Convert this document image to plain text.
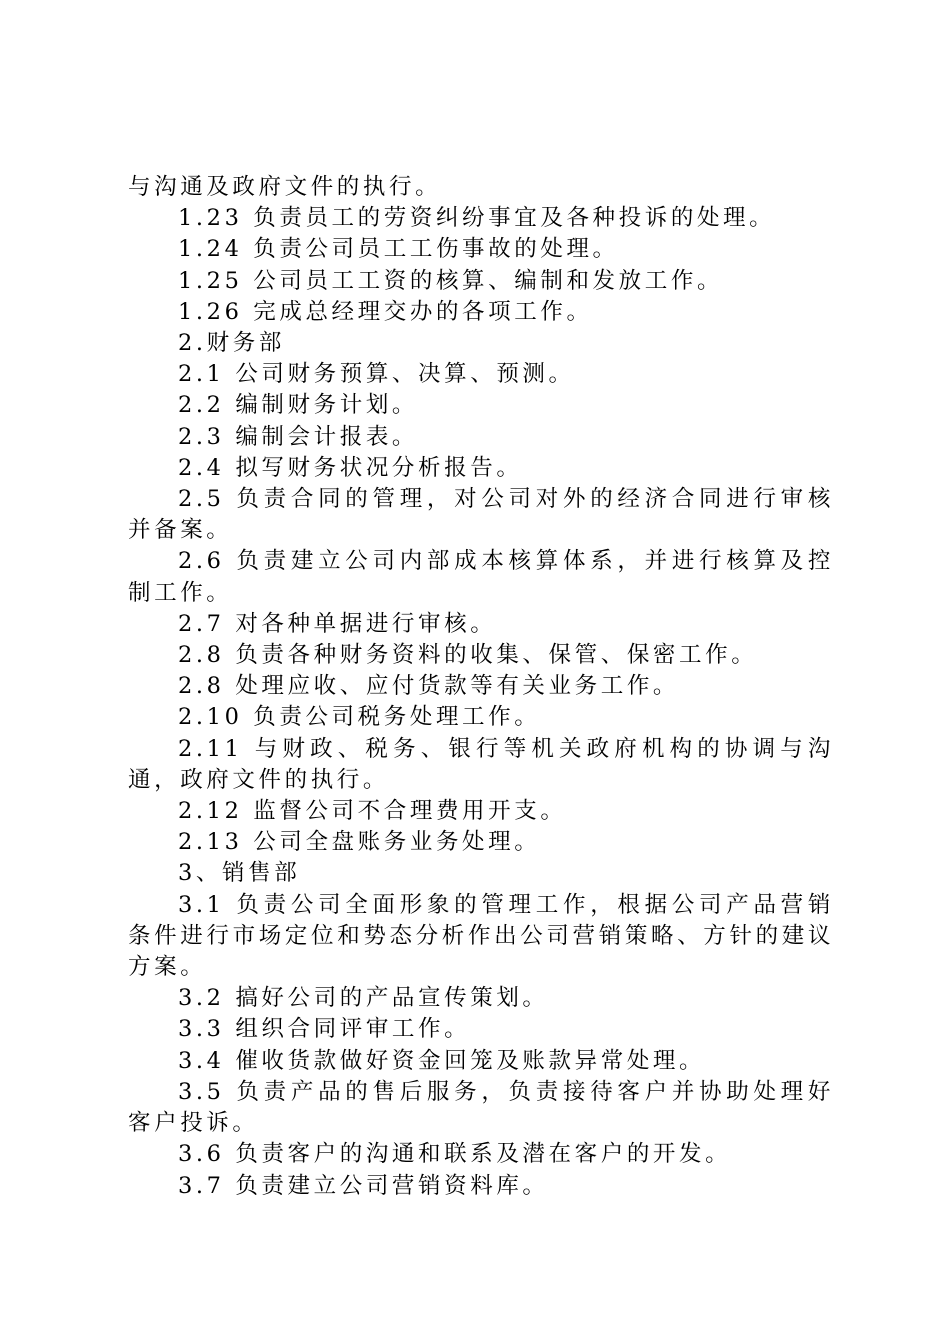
与沟通及政府文件的执行。

1.23 负责员工的劳资纠纷事宜及各种投诉的处理。

1.24 负责公司员工工伤事故的处理。

1.25 公司员工工资的核算、编制和发放工作。

1.26 完成总经理交办的各项工作。

2.财务部

2.1 公司财务预算、决算、预测。

2.2 编制财务计划。

2.3 编制会计报表。

2.4 拟写财务状况分析报告。

2.5 负责合同的管理，对公司对外的经济合同进行审核并备案。

2.6 负责建立公司内部成本核算体系，并进行核算及控制工作。

2.7 对各种单据进行审核。

2.8 负责各种财务资料的收集、保管、保密工作。

2.8 处理应收、应付货款等有关业务工作。

2.10 负责公司税务处理工作。

2.11 与财政、税务、银行等机关政府机构的协调与沟通，政府文件的执行。

2.12 监督公司不合理费用开支。

2.13 公司全盘账务业务处理。

3、销售部

3.1 负责公司全面形象的管理工作，根据公司产品营销条件进行市场定位和势态分析作出公司营销策略、方针的建议方案。

3.2 搞好公司的产品宣传策划。

3.3 组织合同评审工作。

3.4 催收货款做好资金回笼及账款异常处理。

3.5 负责产品的售后服务，负责接待客户并协助处理好客户投诉。

3.6 负责客户的沟通和联系及潜在客户的开发。

3.7 负责建立公司营销资料库。
